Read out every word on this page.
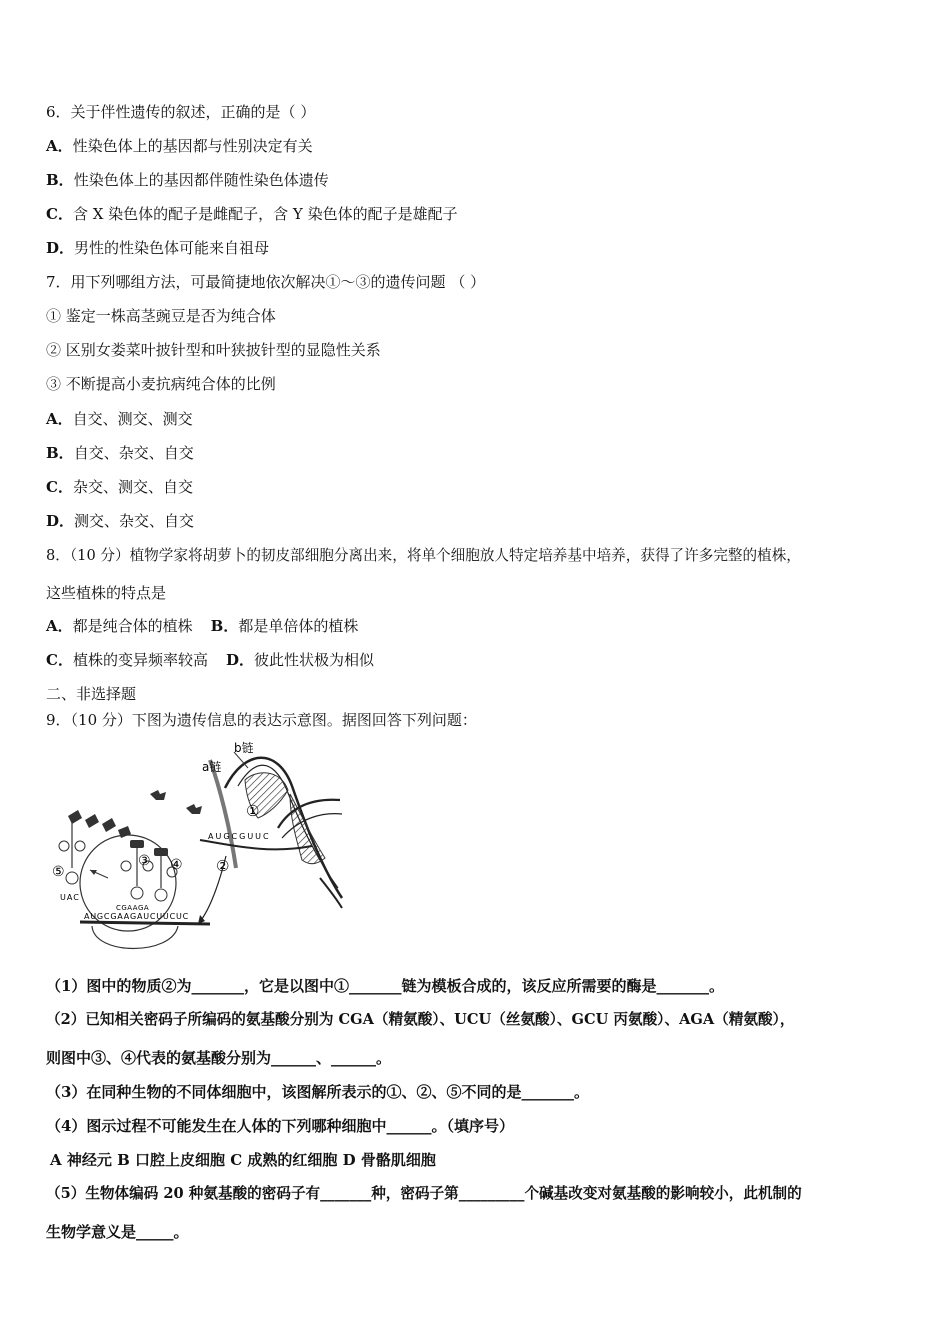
6．关于伴性遗传的叙述，正确的是（ ）
A．性染色体上的基因都与性别决定有关
B．性染色体上的基因都伴随性染色体遗传
C．含 X 染色体的配子是雌配子，含 Y 染色体的配子是雄配子
D．男性的性染色体可能来自祖母
7．用下列哪组方法，可最简捷地依次解决①～③的遗传问题 （ ）
① 鉴定一株高茎豌豆是否为纯合体
② 区别女娄菜叶披针型和叶狭披针型的显隐性关系
③ 不断提高小麦抗病纯合体的比例
A．自交、测交、测交
B．自交、杂交、自交
C．杂交、测交、自交
D．测交、杂交、自交
8．（10 分）植物学家将胡萝卜的韧皮部细胞分离出来，将单个细胞放人特定培养基中培养，获得了许多完整的植株，
这些植株的特点是
A．都是纯合体的植株 B．都是单倍体的植株
C．植株的变异频率较高 D．彼此性状极为相似
二、非选择题
9．（10 分）下图为遗传信息的表达示意图。据图回答下列问题：
b链
a链
①
AUGCGUUC
②
AUGCGAAGAUCUUCUC
CGAAGA
③ ④
⑤
UAC
（1）图中的物质②为_______，它是以图中①_______链为模板合成的，该反应所需要的酶是_______。
（2）已知相关密码子所编码的氨基酸分别为 CGA（精氨酸）、UCU（丝氨酸）、GCU 丙氨酸）、AGA（精氨酸），
则图中③、④代表的氨基酸分别为______、______。
（3）在同种生物的不同体细胞中，该图解所表示的①、②、⑤不同的是_______。
（4）图示过程不可能发生在人体的下列哪种细胞中______。（填序号）
A 神经元 B 口腔上皮细胞 C 成熟的红细胞 D 骨骼肌细胞
（5）生物体编码 20 种氨基酸的密码子有_______种，密码子第_________个碱基改变对氨基酸的影响较小，此机制的
生物学意义是_____。
